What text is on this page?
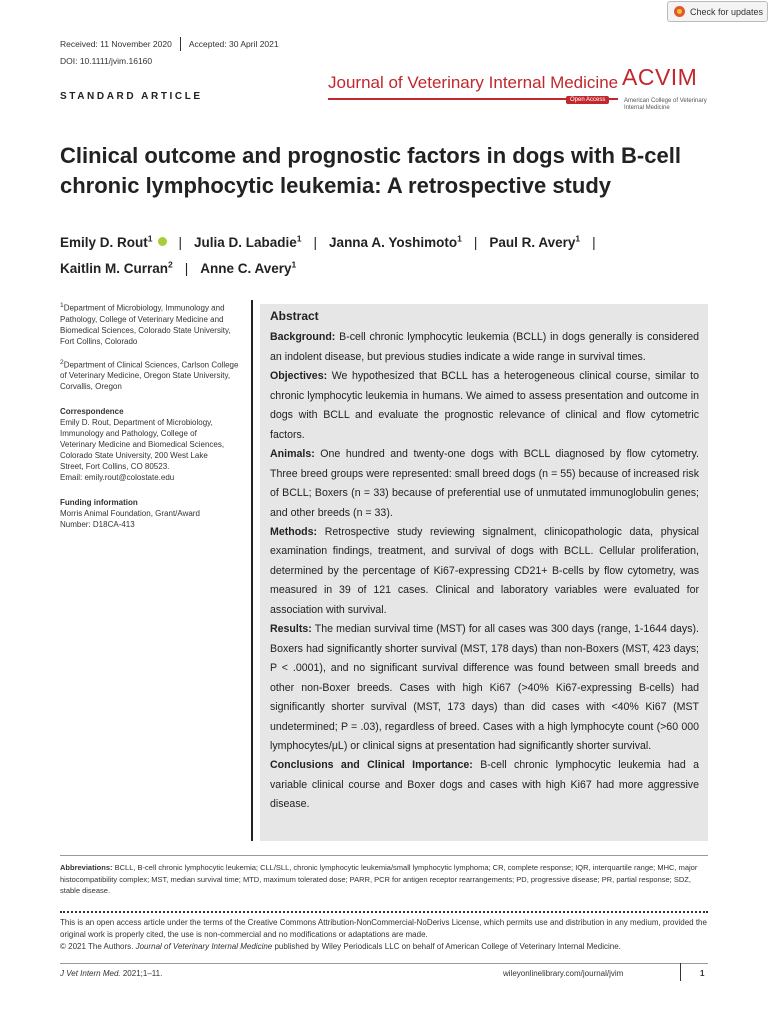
Check for updates
Received: 11 November 2020 Accepted: 30 April 2021
DOI: 10.1111/jvim.16160
Journal of Veterinary Internal Medicine
Open Access
ACVIM
American College of Veterinary Internal Medicine
STANDARD ARTICLE
Clinical outcome and prognostic factors in dogs with B-cell chronic lymphocytic leukemia: A retrospective study
Emily D. Rout$^1$ | Julia D. Labadie$^1$ | Janna A. Yoshimoto$^1$ | Paul R. Avery$^1$ |
Kaitlin M. Curran$^2$ | Anne C. Avery$^1$

$^1$Department of Microbiology, Immunology and Pathology, College of Veterinary Medicine and Biomedical Sciences, Colorado State University, Fort Collins, Colorado

$^2$Department of Clinical Sciences, Carlson College of Veterinary Medicine, Oregon State University, Corvallis, Oregon

Correspondence
Emily D. Rout, Department of Microbiology,
Immunology and Pathology, College of
Veterinary Medicine and Biomedical Sciences,
Colorado State University, 200 West Lake
Street, Fort Collins, CO 80523.
Email: emily.rout@colostate.edu
Funding information
Morris Animal Foundation, Grant/Award
Number: D18CA-413
Abstract

Background: B-cell chronic lymphocytic leukemia (BCLL) in dogs generally is considered an indolent disease, but previous studies indicate a wide range in survival times.

Objectives: We hypothesized that BCLL has a heterogeneous clinical course, similar to chronic lymphocytic leukemia in humans. We aimed to assess presentation and outcome in dogs with BCLL and evaluate the prognostic relevance of clinical and flow cytometric factors.

Animals: One hundred and twenty-one dogs with BCLL diagnosed by flow cytometry. Three breed groups were represented: small breed dogs (n = 55) because of increased risk of BCLL; Boxers (n = 33) because of preferential use of unmutated immunoglobulin genes; and other breeds (n = 33).

Methods: Retrospective study reviewing signalment, clinicopathologic data, physical examination findings, treatment, and survival of dogs with BCLL. Cellular proliferation, determined by the percentage of Ki67-expressing CD21+ B-cells by flow cytometry, was measured in 39 of 121 cases. Clinical and laboratory variables were evaluated for association with survival.

Results: The median survival time (MST) for all cases was 300 days (range, 1-1644 days). Boxers had significantly shorter survival (MST, 178 days) than non-Boxers (MST, 423 days; P < .0001), and no significant survival difference was found between small breeds and other non-Boxer breeds. Cases with high Ki67 (>40% Ki67-expressing B-cells) had significantly shorter survival (MST, 173 days) than did cases with <40% Ki67 (MST undetermined; P = .03), regardless of breed. Cases with a high lymphocyte count (>60 000 lymphocytes/μL) or clinical signs at presentation had significantly shorter survival.

Conclusions and Clinical Importance: B-cell chronic lymphocytic leukemia had a variable clinical course and Boxer dogs and cases with high Ki67 had more aggressive disease.

Abbreviations: BCLL, B-cell chronic lymphocytic leukemia; CLL/SLL, chronic lymphocytic leukemia/small lymphocytic lymphoma; CR, complete response; IQR, interquartile range; MHC, major histocompatibility complex; MST, median survival time; MTD, maximum tolerated dose; PARR, PCR for antigen receptor rearrangements; PD, progressive disease; PR, partial response; SDZ, stable disease.
This is an open access article under the terms of the Creative Commons Attribution-NonCommercial-NoDerivs License, which permits use and distribution in any medium, provided the original work is properly cited, the use is non-commercial and no modifications or adaptations are made.
© 2021 The Authors. Journal of Veterinary Internal Medicine published by Wiley Periodicals LLC on behalf of American College of Veterinary Internal Medicine.
J Vet Intern Med. 2021;1–11.	wileyonlinelibrary.com/journal/jvim	1
